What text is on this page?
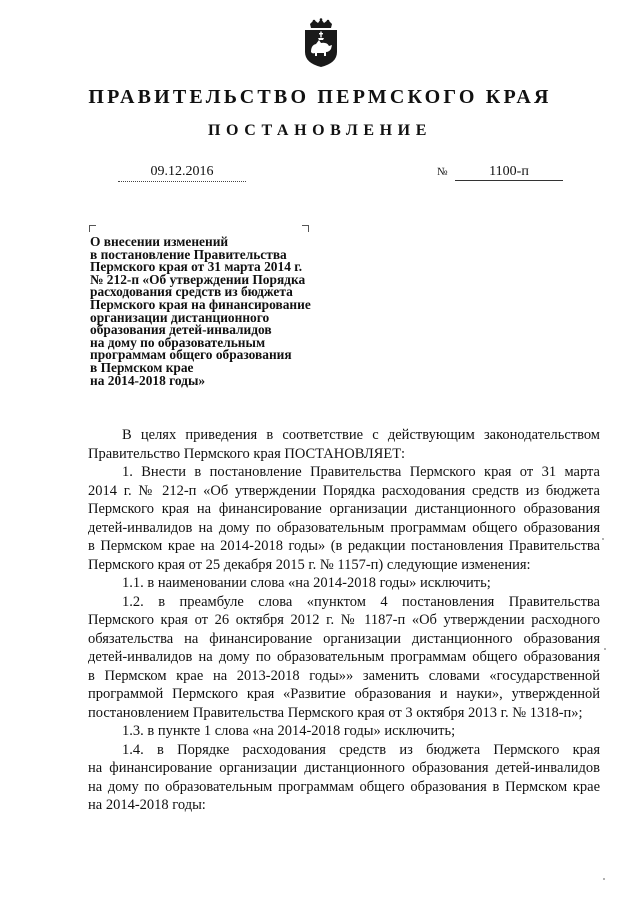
ПРАВИТЕЛЬСТВО ПЕРМСКОГО КРАЯ
ПОСТАНОВЛЕНИЕ
09.12.2016	№	1100-п
О внесении изменений
в постановление Правительства
Пермского края от 31 марта 2014 г.
№ 212-п «Об утверждении Порядка
расходования средств из бюджета
Пермского края на финансирование
организации дистанционного
образования детей-инвалидов
на дому по образовательным
программам общего образования
в Пермском крае
на 2014-2018 годы»

В целях приведения в соответствие с действующим законодательством

Правительство Пермского края ПОСТАНОВЛЯЕТ:

1. Внести в постановление Правительства Пермского края от 31 марта

2014 г. № 212-п «Об утверждении Порядка расходования средств из бюджета

Пермского края на финансирование организации дистанционного образования

детей-инвалидов на дому по образовательным программам общего образования

в Пермском крае на 2014-2018 годы» (в редакции постановления Правительства

Пермского края от 25 декабря 2015 г. № 1157-п) следующие изменения:

1.1. в наименовании слова «на 2014-2018 годы» исключить;

1.2. в преамбуле слова «пунктом 4 постановления Правительства

Пермского края от 26 октября 2012 г. № 1187-п «Об утверждении расходного

обязательства на финансирование организации дистанционного образования

детей-инвалидов на дому по образовательным программам общего образования

в Пермском крае на 2013-2018 годы»» заменить словами «государственной

программой Пермского края «Развитие образования и науки», утвержденной

постановлением Правительства Пермского края от 3 октября 2013 г. № 1318-п»;

1.3. в пункте 1 слова «на 2014-2018 годы» исключить;

1.4. в Порядке расходования средств из бюджета Пермского края

на финансирование организации дистанционного образования детей-инвалидов

на дому по образовательным программам общего образования в Пермском крае

на 2014-2018 годы:
